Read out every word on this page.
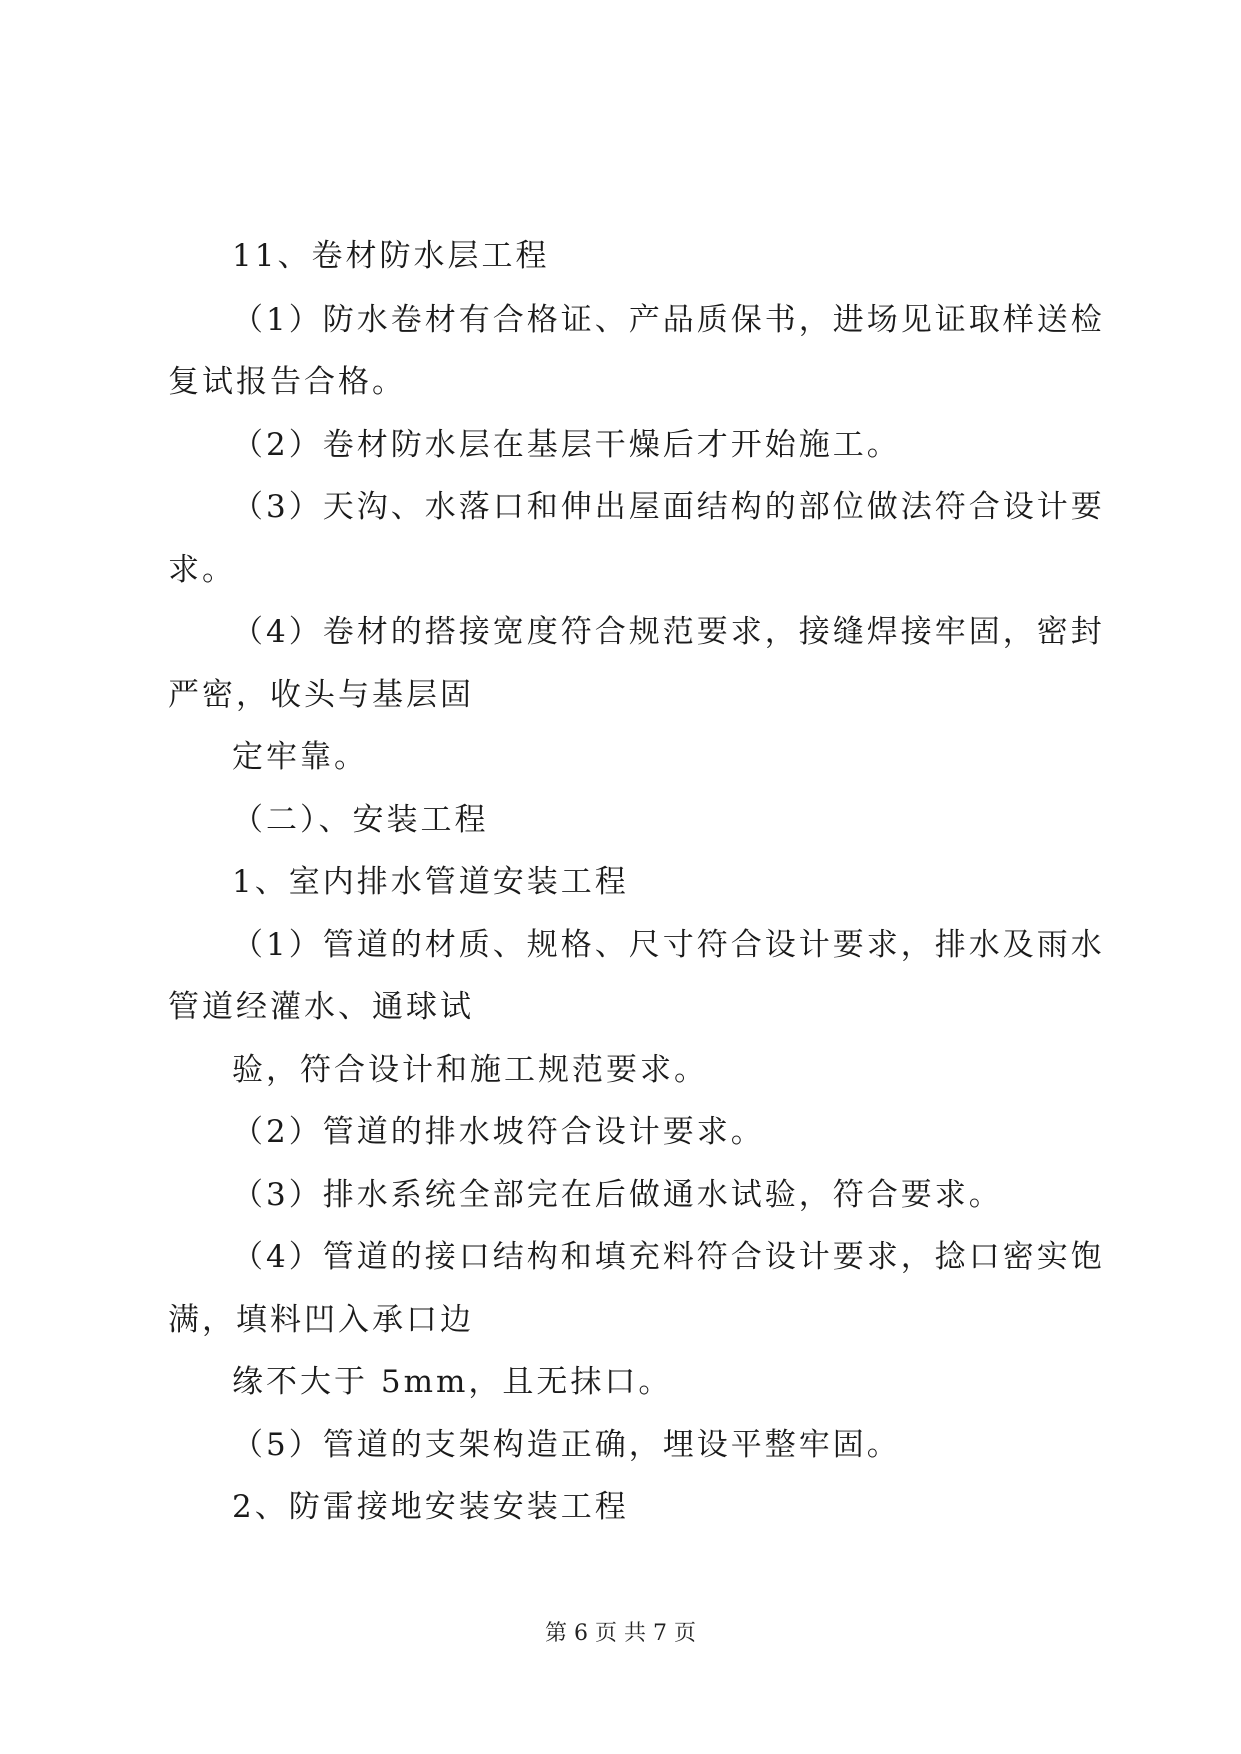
11、卷材防水层工程
（1）防水卷材有合格证、产品质保书，进场见证取样送检
复试报告合格。
（2）卷材防水层在基层干燥后才开始施工。
（3）天沟、水落口和伸出屋面结构的部位做法符合设计要
求。
（4）卷材的搭接宽度符合规范要求，接缝焊接牢固，密封
严密，收头与基层固
定牢靠。
（二）、安装工程
1、室内排水管道安装工程
（1）管道的材质、规格、尺寸符合设计要求，排水及雨水
管道经灌水、通球试
验，符合设计和施工规范要求。
（2）管道的排水坡符合设计要求。
（3）排水系统全部完在后做通水试验，符合要求。
（4）管道的接口结构和填充料符合设计要求，捻口密实饱
满，填料凹入承口边
缘不大于 5mm，且无抹口。
（5）管道的支架构造正确，埋设平整牢固。
2、防雷接地安装安装工程
第 6 页 共 7 页
